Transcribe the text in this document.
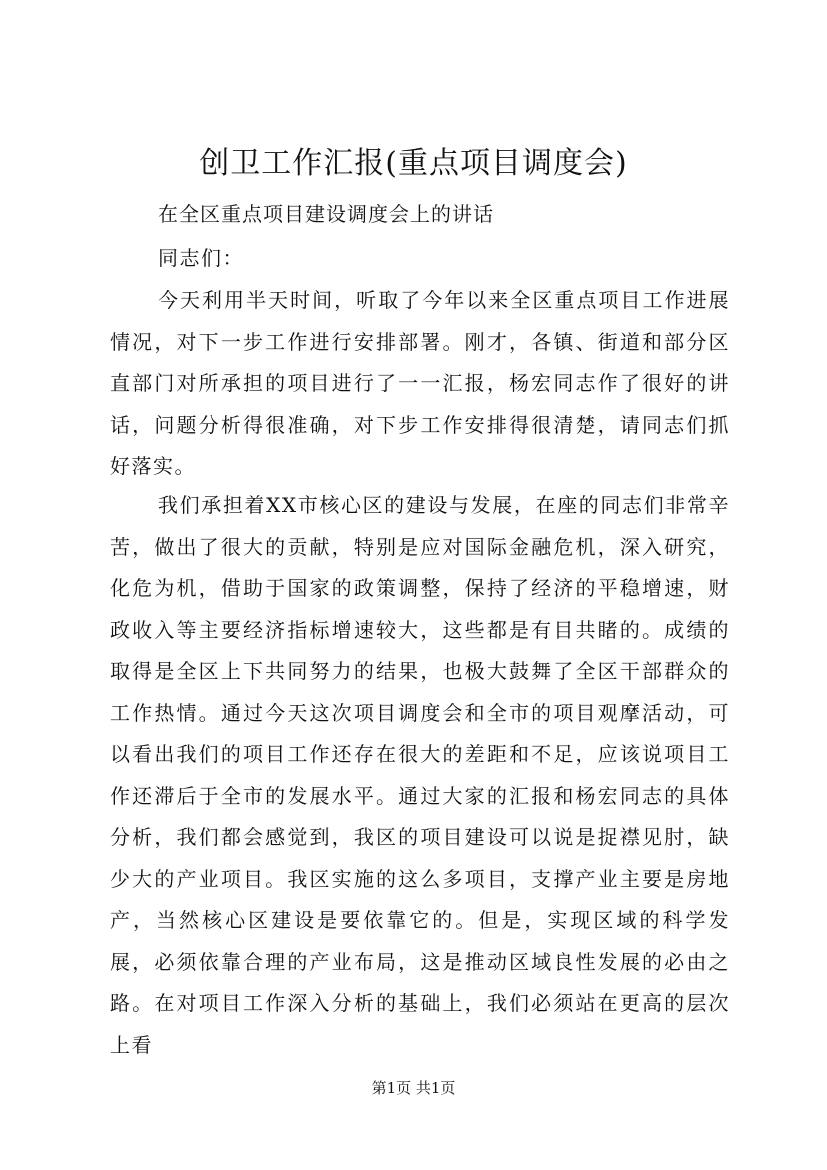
创卫工作汇报(重点项目调度会)
在全区重点项目建设调度会上的讲话
同志们：

今天利用半天时间，听取了今年以来全区重点项目工作进展情况，对下一步工作进行安排部署。刚才，各镇、街道和部分区直部门对所承担的项目进行了一一汇报，杨宏同志作了很好的讲话，问题分析得很准确，对下步工作安排得很清楚，请同志们抓好落实。

我们承担着XX市核心区的建设与发展，在座的同志们非常辛苦，做出了很大的贡献，特别是应对国际金融危机，深入研究，化危为机，借助于国家的政策调整，保持了经济的平稳增速，财政收入等主要经济指标增速较大，这些都是有目共睹的。成绩的取得是全区上下共同努力的结果，也极大鼓舞了全区干部群众的工作热情。通过今天这次项目调度会和全市的项目观摩活动，可以看出我们的项目工作还存在很大的差距和不足，应该说项目工作还滞后于全市的发展水平。通过大家的汇报和杨宏同志的具体分析，我们都会感觉到，我区的项目建设可以说是捉襟见肘，缺少大的产业项目。我区实施的这么多项目，支撑产业主要是房地产，当然核心区建设是要依靠它的。但是，实现区域的科学发展，必须依靠合理的产业布局，这是推动区域良性发展的必由之路。在对项目工作深入分析的基础上，我们必须站在更高的层次上看

第1页 共1页
